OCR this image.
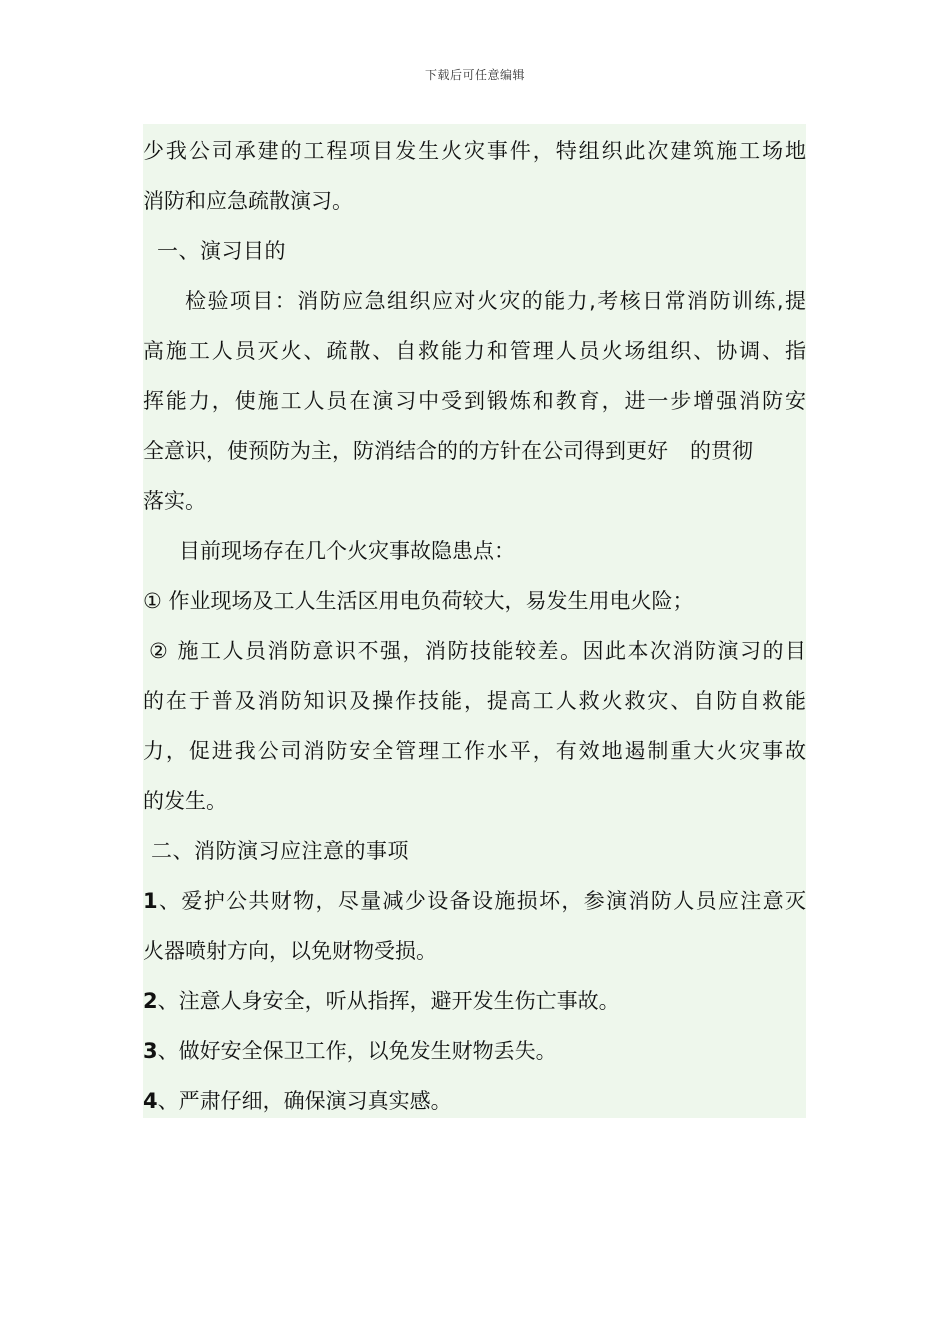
下载后可任意编辑
少我公司承建的工程项目发生火灾事件，特组织此次建筑施工场地
消防和应急疏散演习。
一、演习目的
检验项目：消防应急组织应对火灾的能力,考核日常消防训练,提
高施工人员灭火、疏散、自救能力和管理人员火场组织、协调、指
挥能力，使施工人员在演习中受到锻炼和教育，进一步增强消防安
全意识，使预防为主，防消结合的的方针在公司得到更好 的贯彻
落实。
目前现场存在几个火灾事故隐患点：
① 作业现场及工人生活区用电负荷较大，易发生用电火险；
② 施工人员消防意识不强，消防技能较差。因此本次消防演习的目
的在于普及消防知识及操作技能，提高工人救火救灾、自防自救能
力，促进我公司消防安全管理工作水平，有效地遏制重大火灾事故
的发生。
二、消防演习应注意的事项
1、爱护公共财物，尽量减少设备设施损坏，参演消防人员应注意灭
火器喷射方向，以免财物受损。
2、注意人身安全，听从指挥，避开发生伤亡事故。
3、做好安全保卫工作，以免发生财物丢失。
4、严肃仔细，确保演习真实感。
